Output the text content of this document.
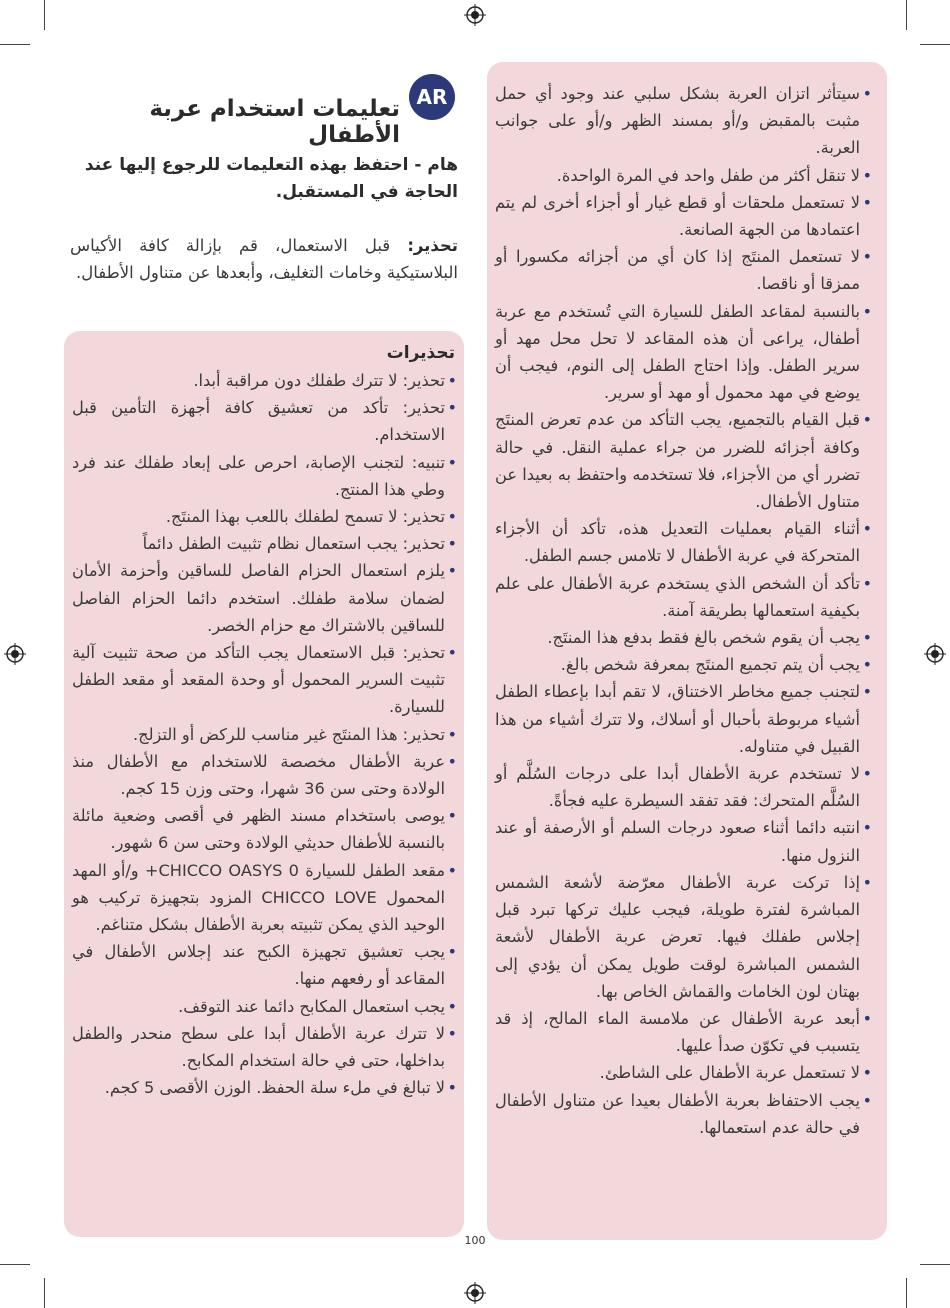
AR
تعليمات استخدام عربة الأطفال
هام - احتفظ بهذه التعليمات للرجوع إليها عند الحاجة في المستقبل.
تحذير: قبل الاستعمال، قم بإزالة كافة الأكياس البلاستيكية وخامات التغليف، وأبعدها عن متناول الأطفال.
تحذيرات
• تحذير: لا تترك طفلك دون مراقبة أبدا.
• تحذير: تأكد من تعشيق كافة أجهزة التأمين قبل الاستخدام.
• تنبيه: لتجنب الإصابة، احرص على إبعاد طفلك عند فرد وطي هذا المنتج.
• تحذير: لا تسمح لطفلك باللعب بهذا المنتَج.
• تحذير: يجب استعمال نظام تثبيت الطفل دائماً
• يلزم استعمال الحزام الفاصل للساقين وأحزمة الأمان لضمان سلامة طفلك. استخدم دائما الحزام الفاصل للساقين بالاشتراك مع حزام الخصر.
• تحذير: قبل الاستعمال يجب التأكد من صحة تثبيت آلية تثبيت السرير المحمول أو وحدة المقعد أو مقعد الطفل للسيارة.
• تحذير: هذا المنتَج غير مناسب للركض أو التزلج.
• عربة الأطفال مخصصة للاستخدام مع الأطفال منذ الولادة وحتى سن 36 شهرا، وحتى وزن 15 كجم.
• يوصى باستخدام مسند الظهر في أقصى وضعية مائلة بالنسبة للأطفال حديثي الولادة وحتى سن 6 شهور.
• مقعد الطفل للسيارة CHICCO OASYS 0+ و/أو المهد المحمول CHICCO LOVE المزود بتجهيزة تركيب هو الوحيد الذي يمكن تثبيته بعربة الأطفال بشكل متناغم.
• يجب تعشيق تجهيزة الكبح عند إجلاس الأطفال في المقاعد أو رفعهم منها.
• يجب استعمال المكابح دائما عند التوقف.
• لا تترك عربة الأطفال أبدا على سطح منحدر والطفل بداخلها، حتى في حالة استخدام المكابح.
• لا تبالغ في ملء سلة الحفظ. الوزن الأقصى 5 كجم.
• سيتأثر اتزان العربة بشكل سلبي عند وجود أي حمل مثبت بالمقبض و/أو بمسند الظهر و/أو على جوانب العربة.
• لا تنقل أكثر من طفل واحد في المرة الواحدة.
• لا تستعمل ملحقات أو قطع غيار أو أجزاء أخرى لم يتم اعتمادها من الجهة الصانعة.
• لا تستعمل المنتَج إذا كان أي من أجزائه مكسورا أو ممزقا أو ناقصا.
• بالنسبة لمقاعد الطفل للسيارة التي تُستخدم مع عربة أطفال، يراعى أن هذه المقاعد لا تحل محل مهد أو سرير الطفل. وإذا احتاج الطفل إلى النوم، فيجب أن يوضع في مهد محمول أو مهد أو سرير.
• قبل القيام بالتجميع، يجب التأكد من عدم تعرض المنتَج وكافة أجزائه للضرر من جراء عملية النقل. في حالة تضرر أي من الأجزاء، فلا تستخدمه واحتفظ به بعيدا عن متناول الأطفال.
• أثناء القيام بعمليات التعديل هذه، تأكد أن الأجزاء المتحركة في عربة الأطفال لا تلامس جسم الطفل.
• تأكد أن الشخص الذي يستخدم عربة الأطفال على علم بكيفية استعمالها بطريقة آمنة.
• يجب أن يقوم شخص بالغ فقط بدفع هذا المنتَج.
• يجب أن يتم تجميع المنتَج بمعرفة شخص بالغ.
• لتجنب جميع مخاطر الاختناق، لا تقم أبدا بإعطاء الطفل أشياء مربوطة بأحبال أو أسلاك، ولا تترك أشياء من هذا القبيل في متناوله.
• لا تستخدم عربة الأطفال أبدا على درجات السُلَّم أو السُلَّم المتحرك: فقد تفقد السيطرة عليه فجأةً.
• انتبه دائما أثناء صعود درجات السلم أو الأرصفة أو عند النزول منها.
• إذا تركت عربة الأطفال معرّضة لأشعة الشمس المباشرة لفترة طويلة، فيجب عليك تركها تبرد قبل إجلاس طفلك فيها. تعرض عربة الأطفال لأشعة الشمس المباشرة لوقت طويل يمكن أن يؤدي إلى بهتان لون الخامات والقماش الخاص بها.
• أبعد عربة الأطفال عن ملامسة الماء المالح، إذ قد يتسبب في تكوّن صدأ عليها.
• لا تستعمل عربة الأطفال على الشاطئ.
• يجب الاحتفاظ بعربة الأطفال بعيدا عن متناول الأطفال في حالة عدم استعمالها.
100
